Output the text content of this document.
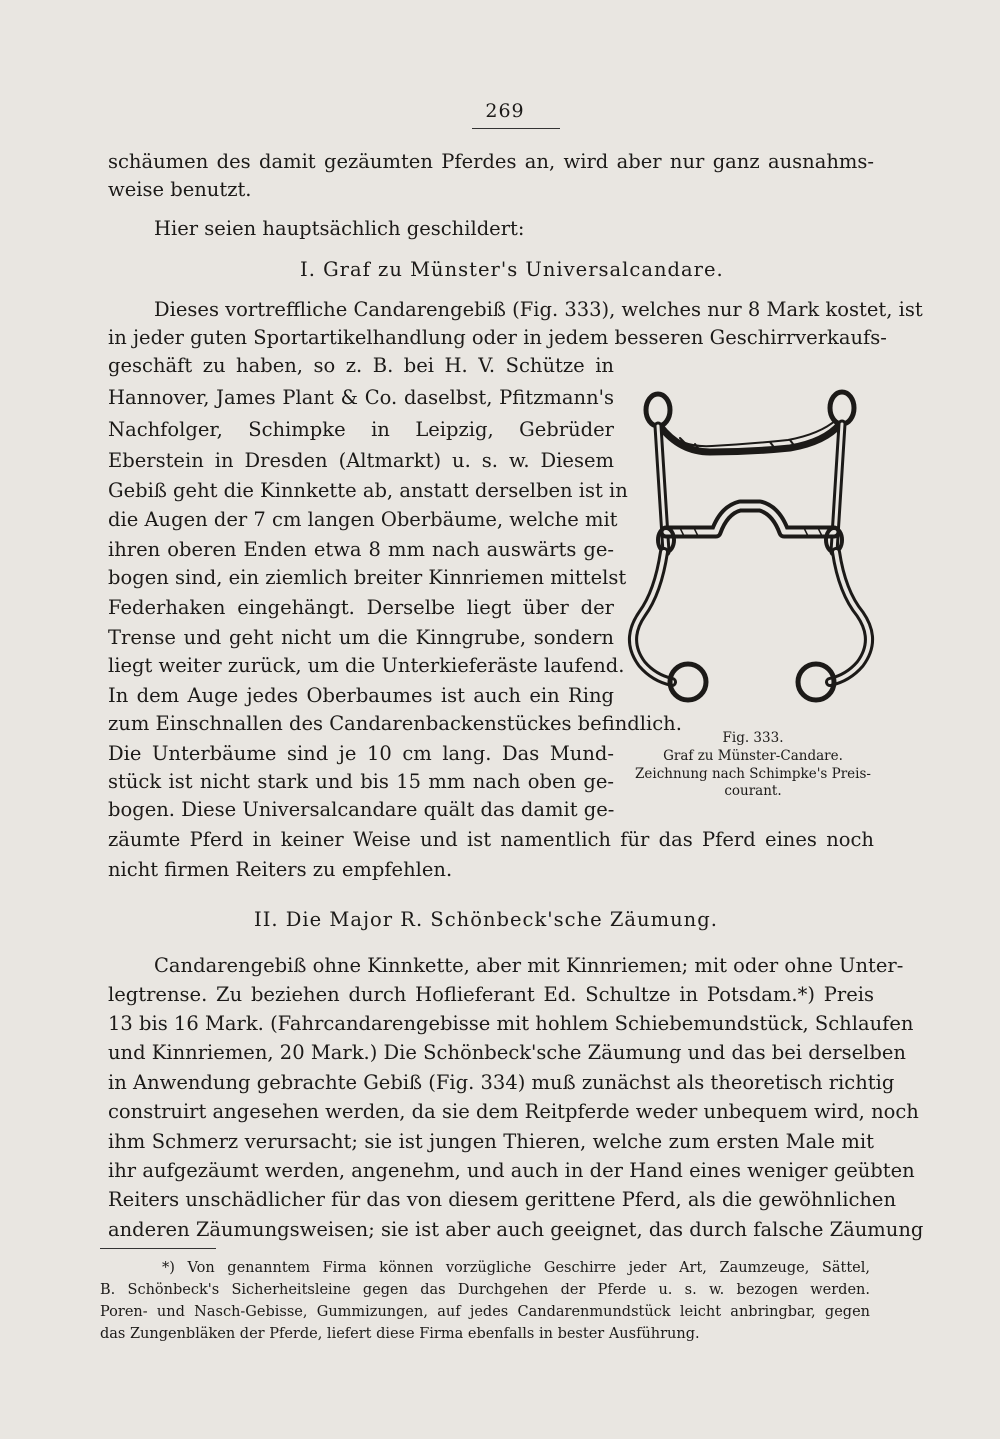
269
schäumen des damit gezäumten Pferdes an, wird aber nur ganz ausnahms-
weise benutzt.
Hier seien hauptsächlich geschildert:
I. Graf zu Münster's Universalcandare.
Dieses vortreffliche Candarengebiß (Fig. 333), welches nur 8 Mark kostet, ist
in jeder guten Sportartikelhandlung oder in jedem besseren Geschirrverkaufs-
geschäft zu haben, so z. B. bei H. V. Schütze in
Hannover, James Plant & Co. daselbst, Pfitzmann's
Nachfolger, Schimpke in Leipzig, Gebrüder
Eberstein in Dresden (Altmarkt) u. s. w. Diesem
Gebiß geht die Kinnkette ab, anstatt derselben ist in
die Augen der 7 cm langen Oberbäume, welche mit
ihren oberen Enden etwa 8 mm nach auswärts ge-
bogen sind, ein ziemlich breiter Kinnriemen mittelst
Federhaken eingehängt. Derselbe liegt über der
Trense und geht nicht um die Kinngrube, sondern
liegt weiter zurück, um die Unterkieferäste laufend.
In dem Auge jedes Oberbaumes ist auch ein Ring
zum Einschnallen des Candarenbackenstückes befindlich.
Die Unterbäume sind je 10 cm lang. Das Mund-
stück ist nicht stark und bis 15 mm nach oben ge-
bogen. Diese Universalcandare quält das damit ge-
zäumte Pferd in keiner Weise und ist namentlich für das Pferd eines noch
nicht firmen Reiters zu empfehlen.
II. Die Major R. Schönbeck'sche Zäumung.
Candarengebiß ohne Kinnkette, aber mit Kinnriemen; mit oder ohne Unter-
legtrense. Zu beziehen durch Hoflieferant Ed. Schultze in Potsdam.*) Preis
13 bis 16 Mark. (Fahrcandarengebisse mit hohlem Schiebemundstück, Schlaufen
und Kinnriemen, 20 Mark.) Die Schönbeck'sche Zäumung und das bei derselben
in Anwendung gebrachte Gebiß (Fig. 334) muß zunächst als theoretisch richtig
construirt angesehen werden, da sie dem Reitpferde weder unbequem wird, noch
ihm Schmerz verursacht; sie ist jungen Thieren, welche zum ersten Male mit
ihr aufgezäumt werden, angenehm, und auch in der Hand eines weniger geübten
Reiters unschädlicher für das von diesem gerittene Pferd, als die gewöhnlichen
anderen Zäumungsweisen; sie ist aber auch geeignet, das durch falsche Zäumung
Fig. 333.
Graf zu Münster-Candare.
Zeichnung nach Schimpke's Preis-
courant.
*) Von genanntem Firma können vorzügliche Geschirre jeder Art, Zaumzeuge, Sättel,
B. Schönbeck's Sicherheitsleine gegen das Durchgehen der Pferde u. s. w. bezogen werden.
Poren- und Nasch-Gebisse, Gummizungen, auf jedes Candarenmundstück leicht anbringbar, gegen
das Zungenbläken der Pferde, liefert diese Firma ebenfalls in bester Ausführung.
